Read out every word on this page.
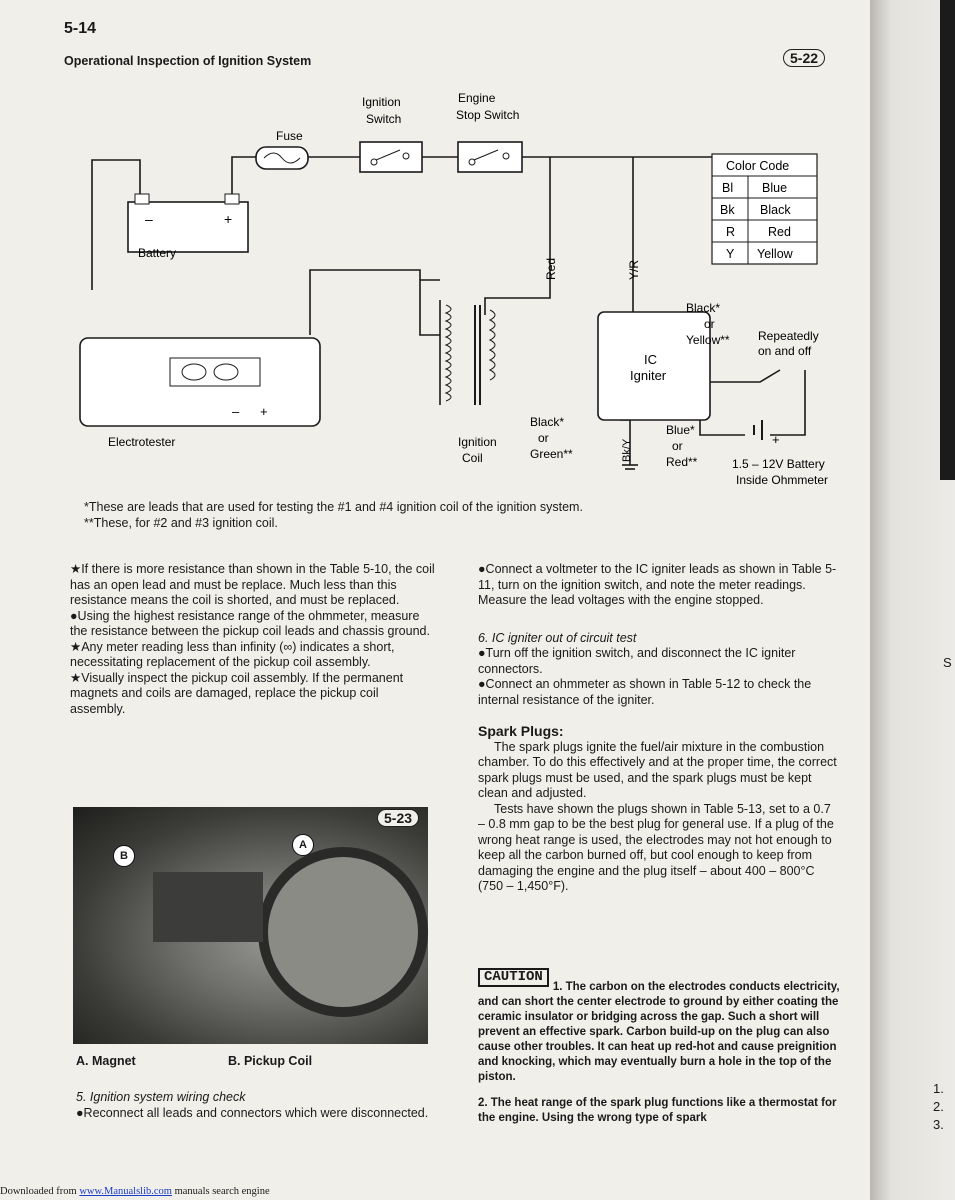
5-14
Operational Inspection of Ignition System	5-22
–	+
Battery
Fuse
Ignition
Switch
Engine
Stop Switch
Red	Y/R
Color Code
Bl Blue
Bk Black
R	Red
Y Yellow
– +
Electrotester	Ignition
Coil
Black*
or
Green**	Bk/Y
IC
Igniter
Black*
or
Yellow**
Blue*
or
Red**
Repeatedly
on and off
+
1.5 – 12V Battery
Inside Ohmmeter

*These are leads that are used for testing the #1 and #4 ignition coil of the ignition system.

**These, for #2 and #3 ignition coil.

★If there is more resistance than shown in the Table 5-10, the coil has an open lead and must be replace. Much less than this resistance means the coil is shorted, and must be replaced.

●Using the highest resistance range of the ohmmeter, measure the resistance between the pickup coil leads and chassis ground.

★Any meter reading less than infinity (∞) indicates a short, necessitating replacement of the pickup coil assembly.

★Visually inspect the pickup coil assembly. If the permanent magnets and coils are damaged, replace the pickup coil assembly.

B
A
5-23
A. Magnet	B. Pickup Coil

5. Ignition system wiring check

●Reconnect all leads and connectors which were disconnected.

●Connect a voltmeter to the IC igniter leads as shown in Table 5-11, turn on the ignition switch, and note the meter readings. Measure the lead voltages with the engine stopped.

6. IC igniter out of circuit test

●Turn off the ignition switch, and disconnect the IC igniter connectors.

●Connect an ohmmeter as shown in Table 5-12 to check the internal resistance of the igniter.

Spark Plugs:

The spark plugs ignite the fuel/air mixture in the combustion chamber. To do this effectively and at the proper time, the correct spark plugs must be used, and the spark plugs must be kept clean and adjusted.

Tests have shown the plugs shown in Table 5-13, set to a 0.7 – 0.8 mm gap to be the best plug for general use. If a plug of the wrong heat range is used, the electrodes may not hot enough to keep all the carbon burned off, but cool enough to keep from damaging the engine and the plug itself – about 400 – 800°C (750 – 1,450°F).

CAUTION

1. The carbon on the electrodes conducts electricity, and can short the center electrode to ground by either coating the ceramic insulator or bridging across the gap. Such a short will prevent an effective spark. Carbon build-up on the plug can also cause other troubles. It can heat up red-hot and cause preignition and knocking, which may eventually burn a hole in the top of the piston.

2. The heat range of the spark plug functions like a thermostat for the engine. Using the wrong type of spark

S
1.
2.
3.
Downloaded from www.Manualslib.com manuals search engine
